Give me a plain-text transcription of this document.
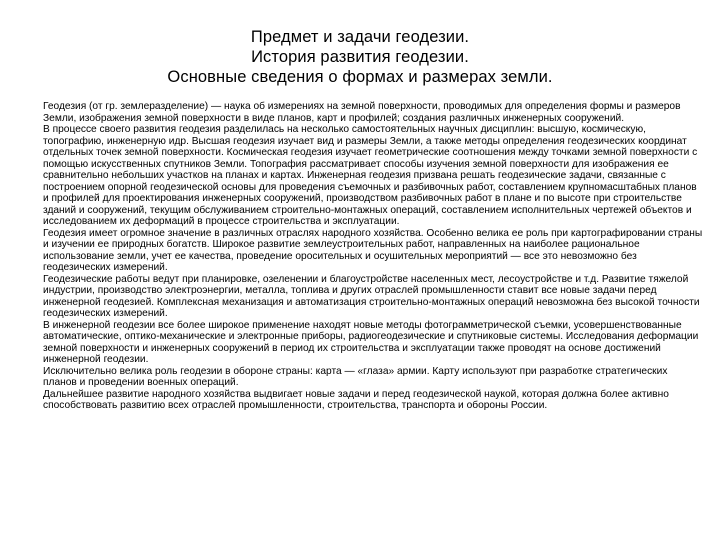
Предмет и задачи геодезии.
История развития геодезии.
Основные сведения о формах и размерах земли.

Геодезия (от гр. землеразделение) — наука об измерениях на земной поверхности, проводимых для определения формы и размеров Земли, изображения земной поверхности в виде планов, карт и профилей; создания различных инженерных сооружений.

В процессе своего развития геодезия разделилась на несколько самостоятельных научных дисциплин: высшую, космическую, топографию, инженерную идр. Высшая геодезия изучает вид и размеры Земли, а также методы определения геодезических координат отдельных точек земной поверхности. Космическая геодезия изучает геометрические соотношения между точками земной поверхности с помощью искусственных спутников Земли. Топография рассматривает способы изучения земной поверхности для изображения ее сравнительно небольших участков на планах и картах. Инженерная геодезия призвана решать геодезические задачи, связанные с построением опорной геодезической основы для проведения съемочных и разбивочных работ, составлением крупномасштабных планов и профилей для проектирования инженерных сооружений, производством разбивочных работ в плане и по высоте при строительстве зданий и сооружений, текущим обслуживанием строительно-монтажных операций, составлением исполнительных чертежей объектов и исследованием их деформаций в процессе строительства и эксплуатации.

Геодезия имеет огромное значение в различных отраслях народного хозяйства. Особенно велика ее роль при картографировании страны и изучении ее природных богатств. Широкое развитие землеустроительных работ, направленных на наиболее рациональное использование земли, учет ее качества, проведение оросительных и осушительных мероприятий — все это невозможно без геодезических измерений.

Геодезические работы ведут при планировке, озеленении и благоустройстве населенных мест, лесоустройстве и т.д. Развитие тяжелой индустрии, производство электроэнергии, металла, топлива и других отраслей промышленности ставит все новые задачи перед инженерной геодезией. Комплексная механизация и автоматизация строительно-монтажных операций невозможна без высокой точности геодезических измерений.

В инженерной геодезии все более широкое применение находят новые методы фотограмметрической съемки, усовершенствованные автоматические, оптико-механические и электронные приборы, радиогеодезические и спутниковые системы. Исследования деформации земной поверхности и инженерных сооружений в период их строительства и эксплуатации также проводят на основе достижений инженерной геодезии.

Исключительно велика роль геодезии в обороне страны: карта — «глаза» армии. Карту используют при разработке стратегических планов и проведении военных операций.

Дальнейшее развитие народного хозяйства выдвигает новые задачи и перед геодезической наукой, которая должна более активно способствовать развитию всех отраслей промышленности, строительства, транспорта и обороны России.
